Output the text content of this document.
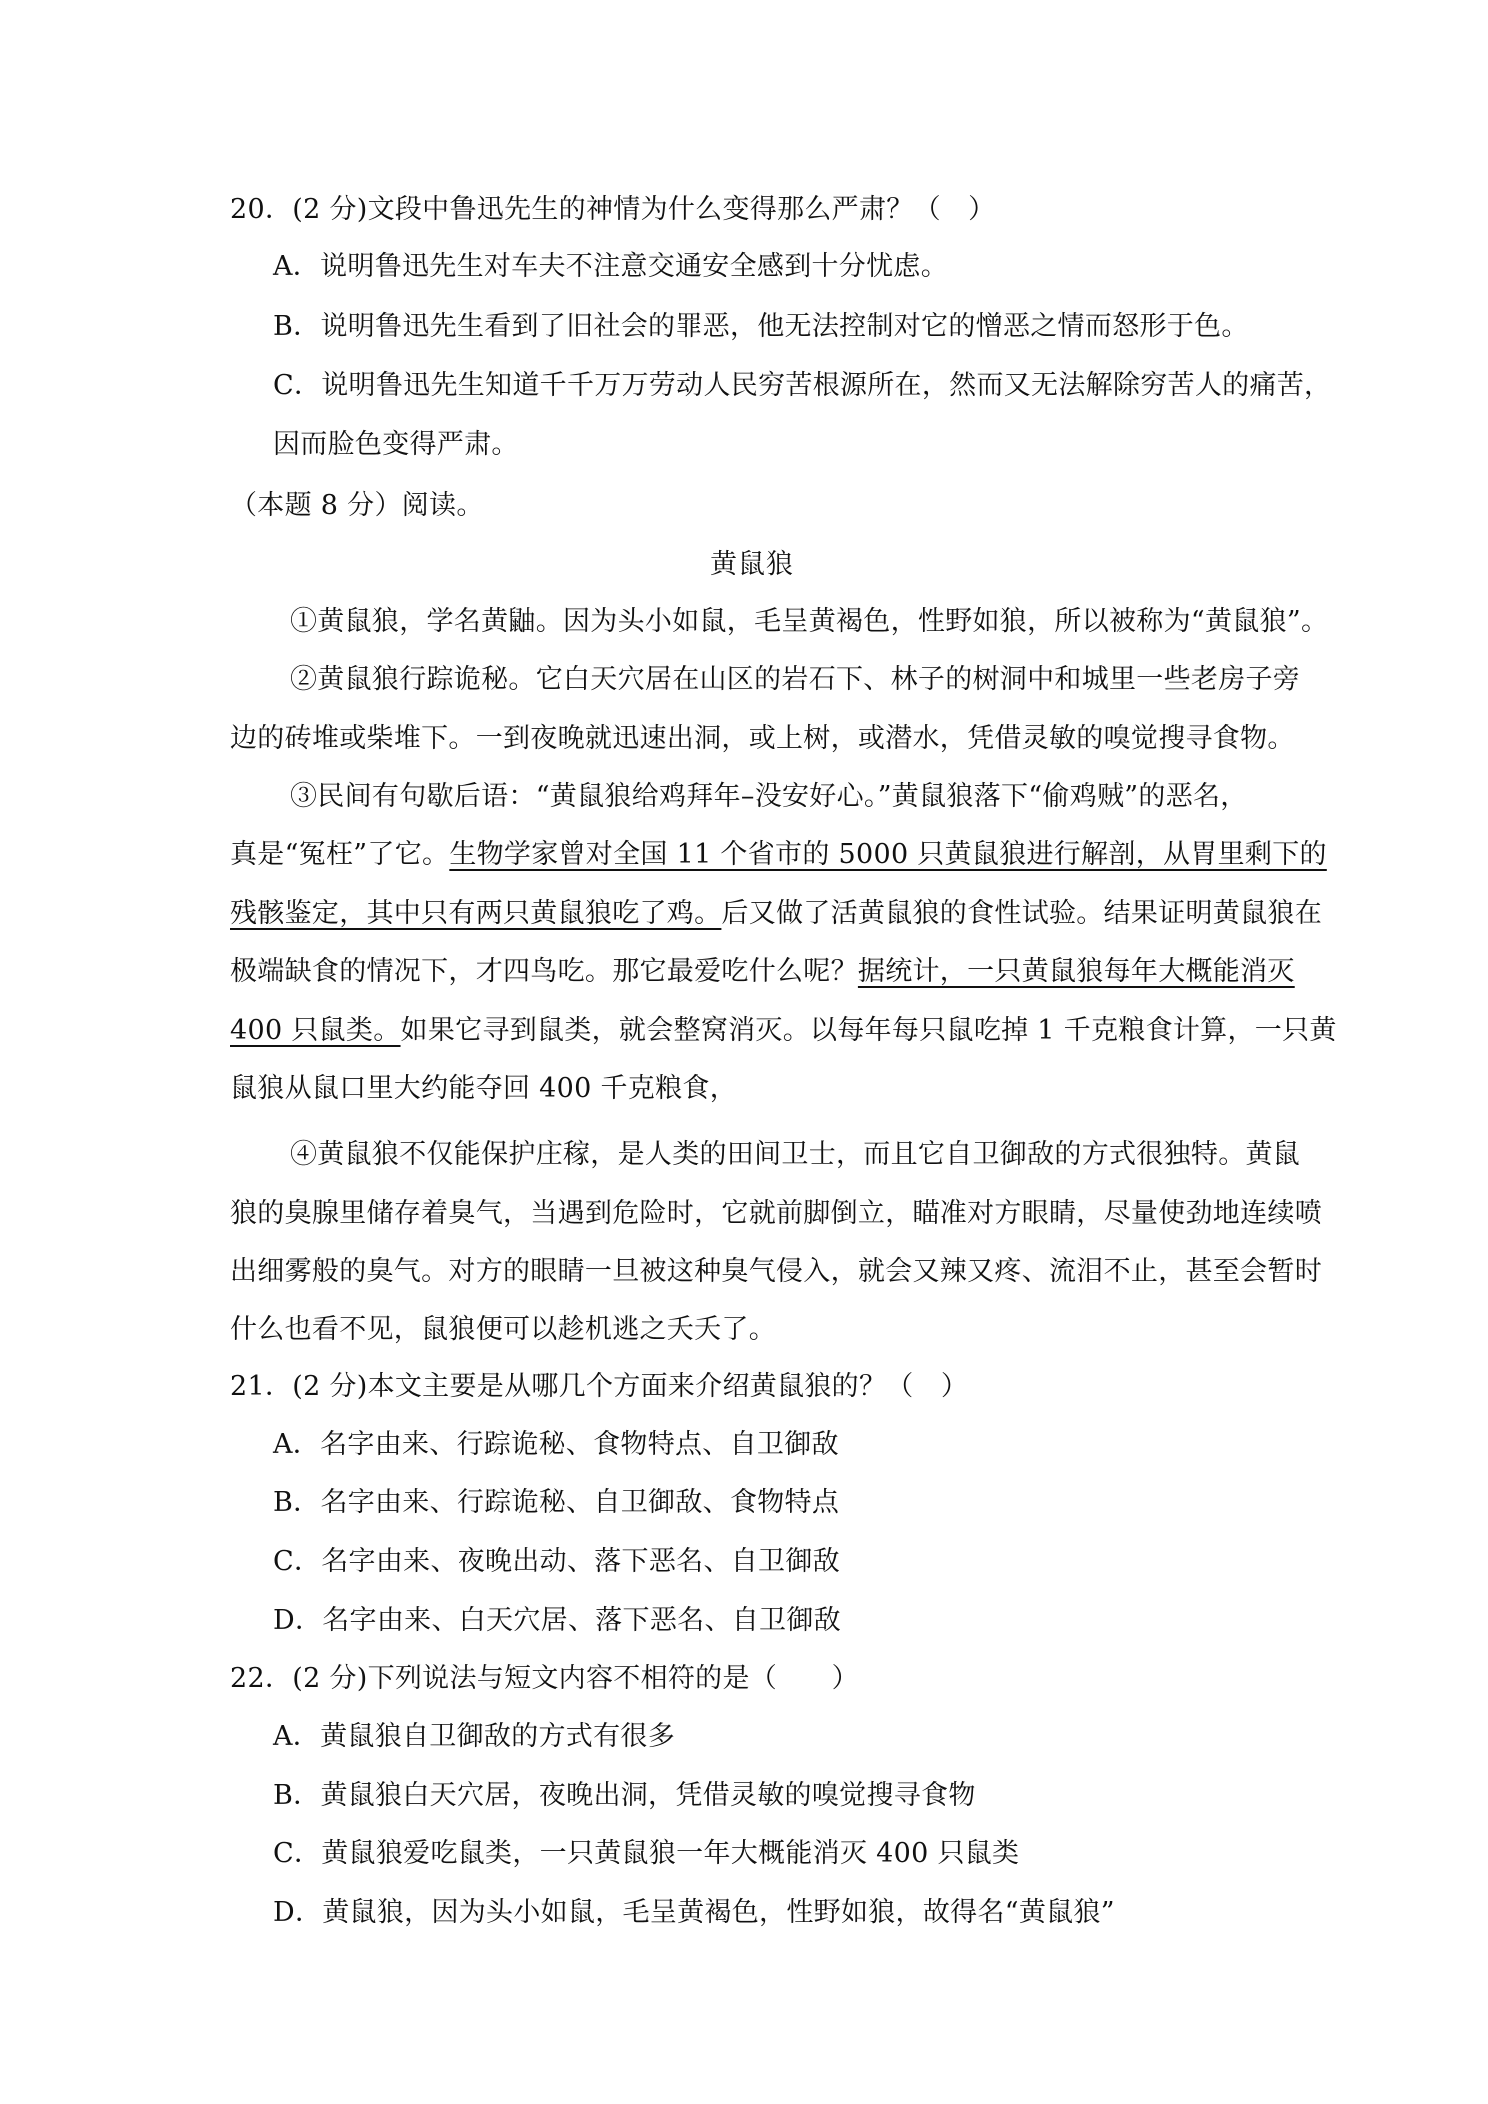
20．(2 分)文段中鲁迅先生的神情为什么变得那么严肃？（　）
A．说明鲁迅先生对车夫不注意交通安全感到十分忧虑。
B．说明鲁迅先生看到了旧社会的罪恶，他无法控制对它的憎恶之情而怒形于色。
C．说明鲁迅先生知道千千万万劳动人民穷苦根源所在，然而又无法解除穷苦人的痛苦，
因而脸色变得严肃。
（本题 8 分）阅读。
黄鼠狼
①黄鼠狼，学名黄鼬。因为头小如鼠，毛呈黄褐色，性野如狼，所以被称为“黄鼠狼”。
②黄鼠狼行踪诡秘。它白天穴居在山区的岩石下、林子的树洞中和城里一些老房子旁
边的砖堆或柴堆下。一到夜晚就迅速出洞，或上树，或潜水，凭借灵敏的嗅觉搜寻食物。
③民间有句歇后语：“黄鼠狼给鸡拜年–没安好心。”黄鼠狼落下“偷鸡贼”的恶名，
真是“冤枉”了它。生物学家曾对全国 11 个省市的 5000 只黄鼠狼进行解剖，从胃里剩下的
残骸鉴定，其中只有两只黄鼠狼吃了鸡。后又做了活黄鼠狼的食性试验。结果证明黄鼠狼在
极端缺食的情况下，才四鸟吃。那它最爱吃什么呢？据统计，一只黄鼠狼每年大概能消灭
400 只鼠类。如果它寻到鼠类，就会整窝消灭。以每年每只鼠吃掉 1 千克粮食计算，一只黄
鼠狼从鼠口里大约能夺回 400 千克粮食，
④黄鼠狼不仅能保护庄稼，是人类的田间卫士，而且它自卫御敌的方式很独特。黄鼠
狼的臭腺里储存着臭气，当遇到危险时，它就前脚倒立，瞄准对方眼睛，尽量使劲地连续喷
出细雾般的臭气。对方的眼睛一旦被这种臭气侵入，就会又辣又疼、流泪不止，甚至会暂时
什么也看不见，鼠狼便可以趁机逃之夭夭了。
21．(2 分)本文主要是从哪几个方面来介绍黄鼠狼的？（　）
A．名字由来、行踪诡秘、食物特点、自卫御敌
B．名字由来、行踪诡秘、自卫御敌、食物特点
C．名字由来、夜晚出动、落下恶名、自卫御敌
D．名字由来、白天穴居、落下恶名、自卫御敌
22．(2 分)下列说法与短文内容不相符的是（　　）
A．黄鼠狼自卫御敌的方式有很多
B．黄鼠狼白天穴居，夜晚出洞，凭借灵敏的嗅觉搜寻食物
C．黄鼠狼爱吃鼠类，一只黄鼠狼一年大概能消灭 400 只鼠类
D．黄鼠狼，因为头小如鼠，毛呈黄褐色，性野如狼，故得名“黄鼠狼”
